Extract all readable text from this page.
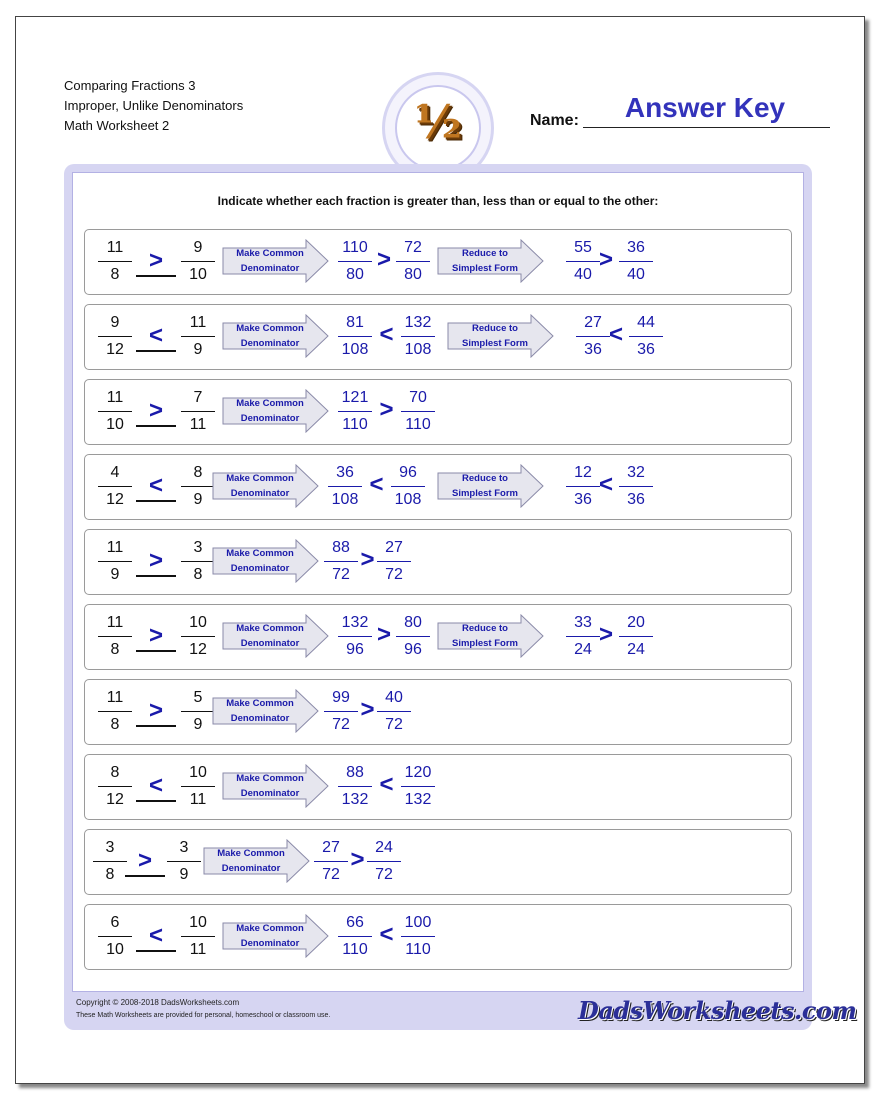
Comparing Fractions 3
Improper, Unlike Denominators
Math Worksheet 2	½	Name:	Answer Key
Indicate whether each fraction is greater than, less than or equal to the other:
11
8
>	9
10
Make Common
Denominator
110
80
> 72
80
Reduce to
Simplest Form
55
40
> 36
40
9
12
<	11
9
Make Common
Denominator
81
108
< 132
108
Reduce to
Simplest Form
27
36
< 44
36
11
10
>	7
11
Make Common
Denominator
121
110
> 70
110
4
12
<	8
9
Make Common
Denominator
36
108
< 96
108
Reduce to
Simplest Form
12
36
< 32
36
11
9
>	3
8
Make Common
Denominator
88
72
> 27
72
11
8
>	10
12
Make Common
Denominator
132
96
> 80
96
Reduce to
Simplest Form
33
24
> 20
24
11
8
>	5
9
Make Common
Denominator
99
72
> 40
72
8
12
<	10
11
Make Common
Denominator
88
132
< 120
132
3
8
>	3
9
Make Common
Denominator
27
72
> 24
72
6
10
<	10
11
Make Common
Denominator
66
110
< 100
110
Copyright © 2008-2018 DadsWorksheets.com
These Math Worksheets are provided for personal, homeschool or classroom use.	DadsWorksheets.com
